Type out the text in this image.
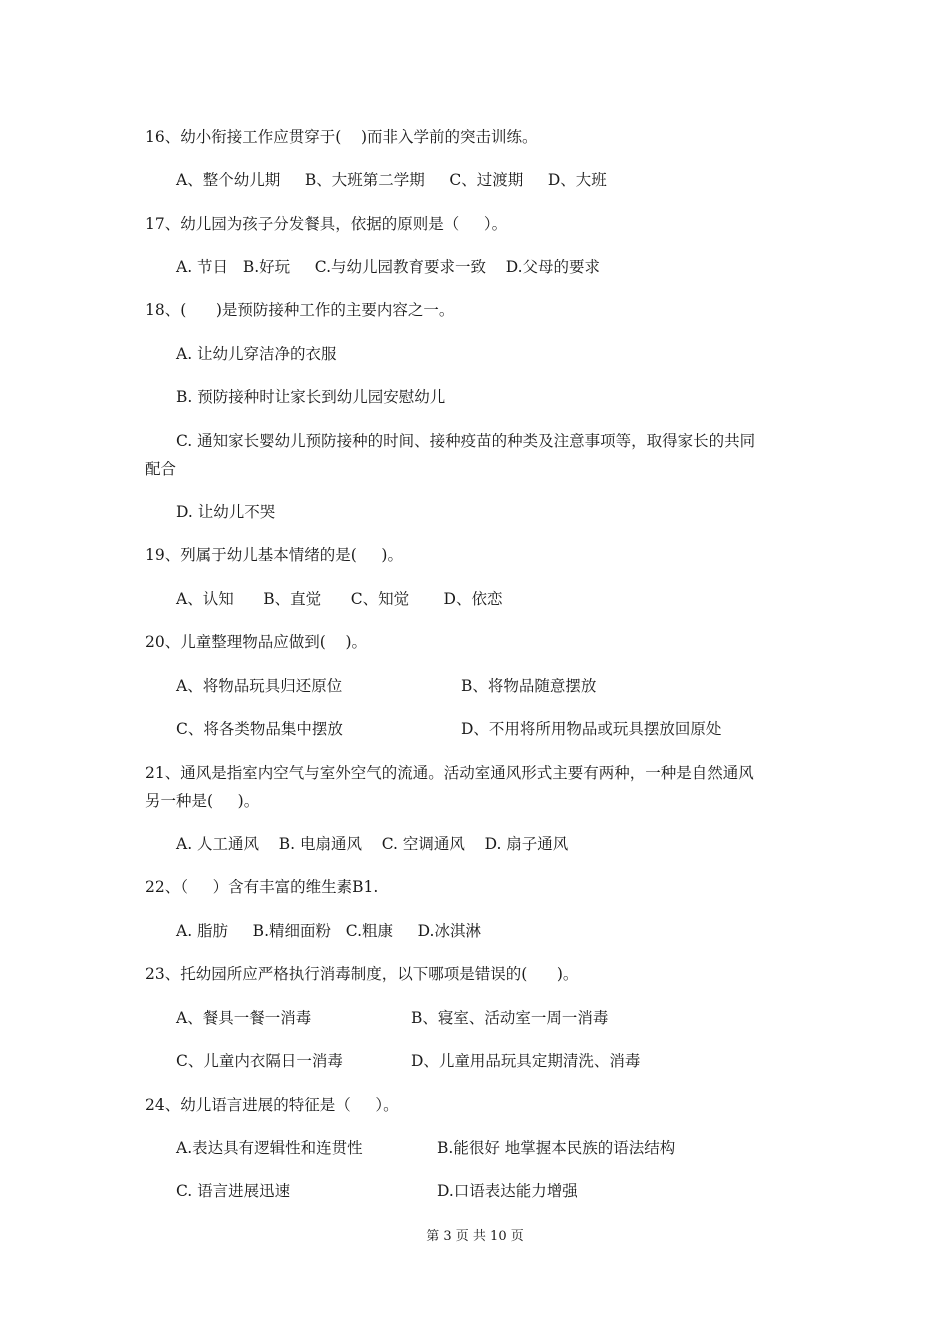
16、幼小衔接工作应贯穿于(    )而非入学前的突击训练。
A、整个幼儿期     B、大班第二学期     C、过渡期     D、大班
17、幼儿园为孩子分发餐具，依据的原则是（     ）。
A. 节日   B.好玩     C.与幼儿园教育要求一致    D.父母的要求
18、(      )是预防接种工作的主要内容之一。
A. 让幼儿穿洁净的衣服
B. 预防接种时让家长到幼儿园安慰幼儿
C. 通知家长婴幼儿预防接种的时间、接种疫苗的种类及注意事项等，取得家长的共同
配合
D. 让幼儿不哭
19、列属于幼儿基本情绪的是(     )。
A、认知      B、直觉      C、知觉       D、依恋
20、儿童整理物品应做到(    )。
A、将物品玩具归还原位	B、将物品随意摆放
C、将各类物品集中摆放	D、不用将所用物品或玩具摆放回原处
21、通风是指室内空气与室外空气的流通。活动室通风形式主要有两种，一种是自然通风
另一种是(     )。
A. 人工通风    B. 电扇通风    C. 空调通风    D. 扇子通风
22、（     ）含有丰富的维生素B1.
A. 脂肪     B.精细面粉   C.粗康     D.冰淇淋
23、托幼园所应严格执行消毒制度，以下哪项是错误的(      )。
A、餐具一餐一消毒	B、寝室、活动室一周一消毒
C、儿童内衣隔日一消毒	D、儿童用品玩具定期清洗、消毒
24、幼儿语言进展的特征是（     ）。
A.表达具有逻辑性和连贯性	B.能很好 地掌握本民族的语法结构
C. 语言进展迅速	D.口语表达能力增强
第 3 页 共 10 页
